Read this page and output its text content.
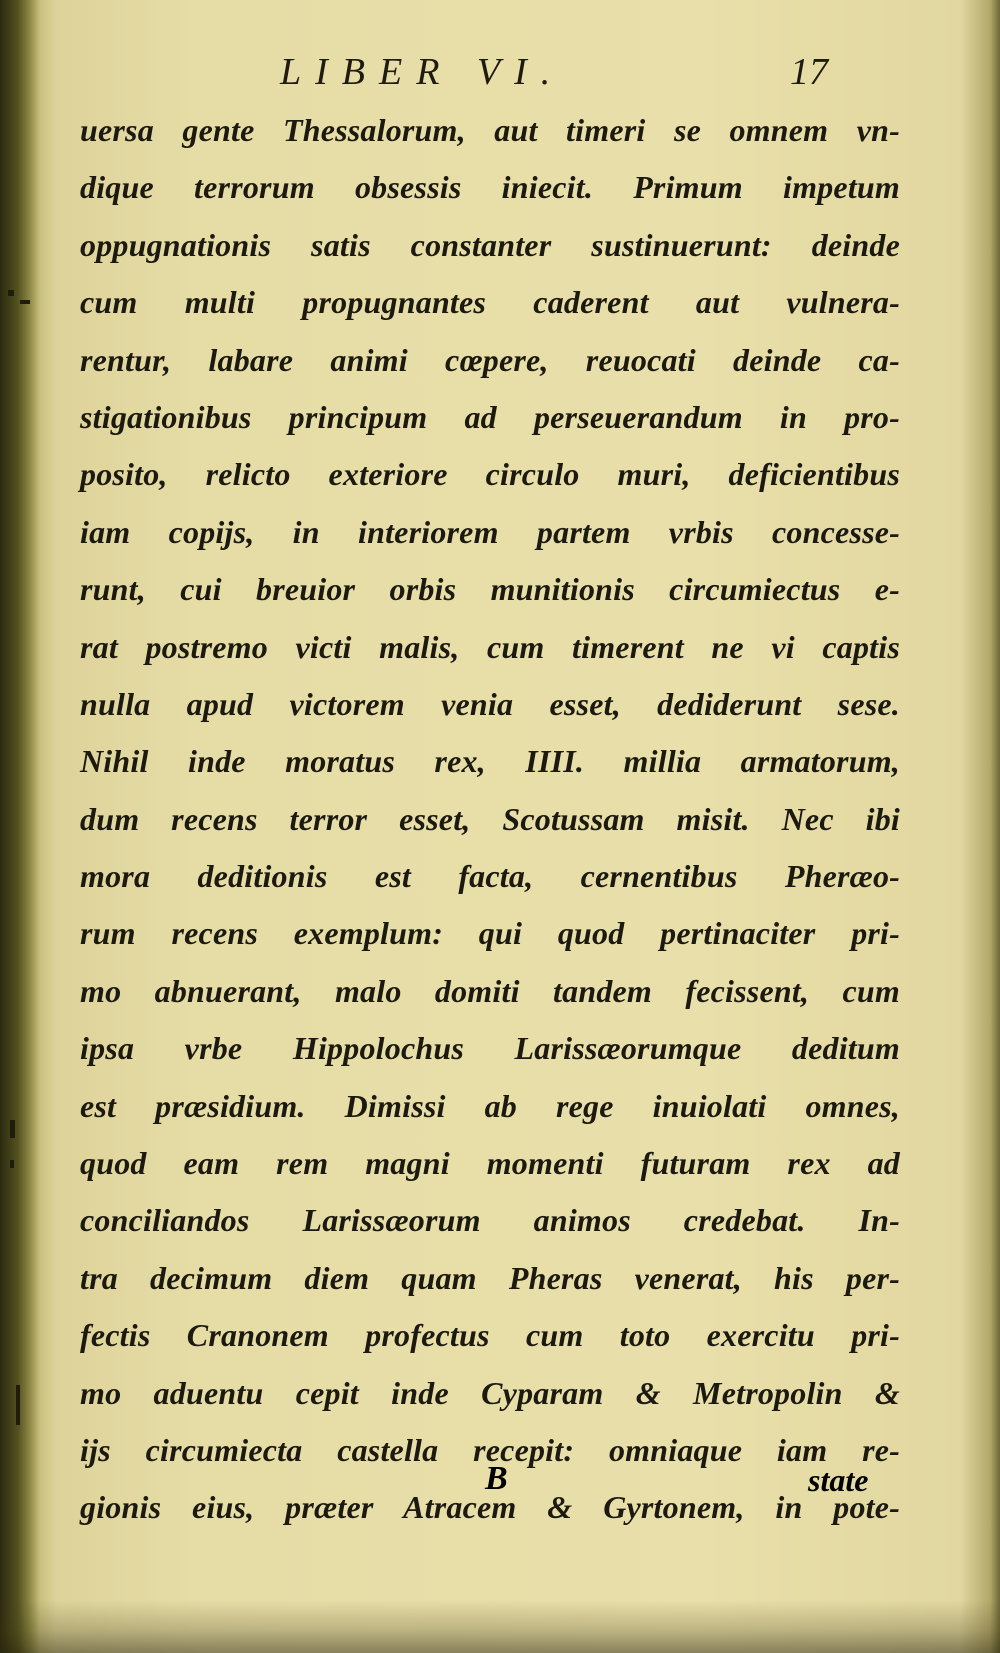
LIBER VI.	17
uersa gente Thessalorum, aut timeri se omnem vn-
dique terrorum obsessis iniecit. Primum impetum
oppugnationis satis constanter sustinuerunt: deinde
cum multi propugnantes caderent aut vulnera-
rentur, labare animi cœpere, reuocati deinde ca-
stigationibus principum ad perseuerandum in pro-
posito, relicto exteriore circulo muri, deficientibus
iam copijs, in interiorem partem vrbis concesse-
runt, cui breuior orbis munitionis circumiectus e-
rat postremo victi malis, cum timerent ne vi captis
nulla apud victorem venia esset, dediderunt sese.
Nihil inde moratus rex, IIII. millia armatorum,
dum recens terror esset, Scotussam misit. Nec ibi
mora deditionis est facta, cernentibus Pheræo-
rum recens exemplum: qui quod pertinaciter pri-
mo abnuerant, malo domiti tandem fecissent, cum
ipsa vrbe Hippolochus Larissæorumque deditum
est præsidium. Dimissi ab rege inuiolati omnes,
quod eam rem magni momenti futuram rex ad
conciliandos Larissæorum animos credebat. In-
tra decimum diem quam Pheras venerat, his per-
fectis Cranonem profectus cum toto exercitu pri-
mo aduentu cepit inde Cyparam & Metropolin &
ijs circumiecta castella recepit: omniaque iam re-
gionis eius, præter Atracem & Gyrtonem, in pote-
B	state
